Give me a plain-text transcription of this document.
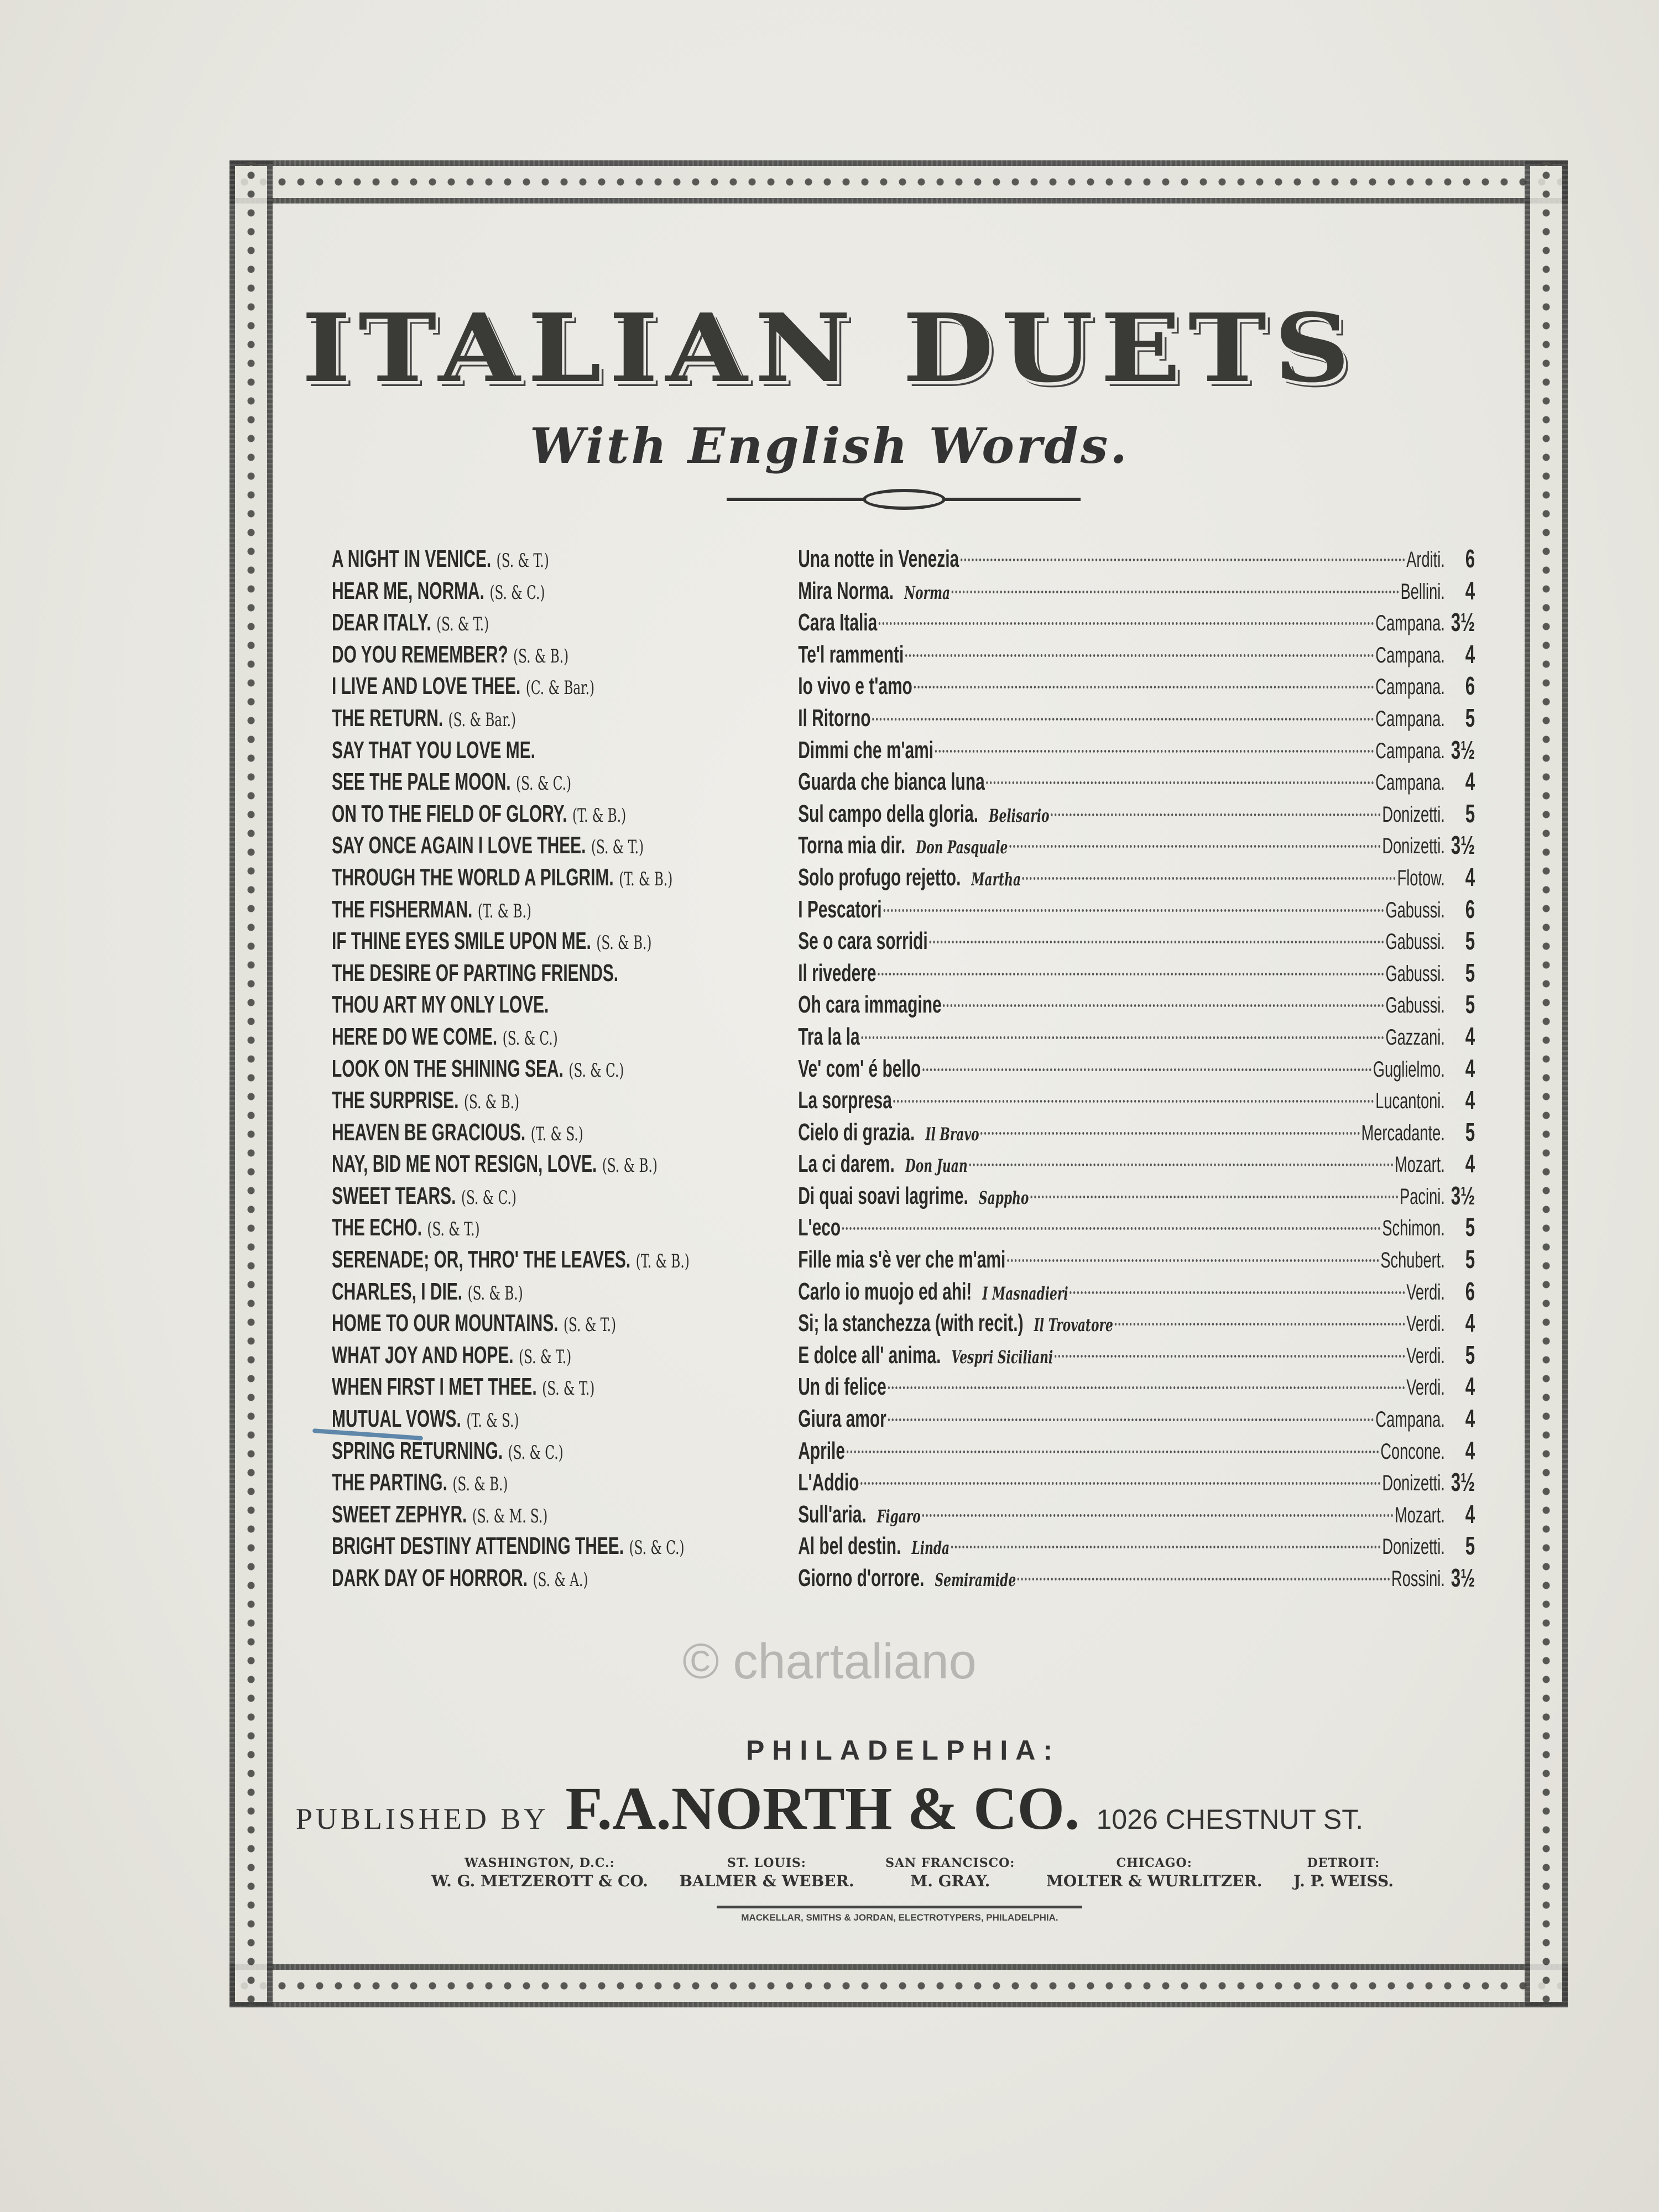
ITALIAN DUETS
With English Words.
A NIGHT IN VENICE. (S. & T.)	Una notte in Venezia	Arditi. 6
HEAR ME, NORMA. (S. & C.)	Mira Norma. Norma	Bellini. 4
DEAR ITALY. (S. & T.)	Cara Italia	Campana. 3½
DO YOU REMEMBER? (S. & B.)	Te'l rammenti	Campana. 4
I LIVE AND LOVE THEE. (C. & Bar.)	Io vivo e t'amo	Campana. 6
THE RETURN. (S. & Bar.)	Il Ritorno	Campana. 5
SAY THAT YOU LOVE ME.	Dimmi che m'ami	Campana. 3½
SEE THE PALE MOON. (S. & C.)	Guarda che bianca luna	Campana. 4
ON TO THE FIELD OF GLORY. (T. & B.)	Sul campo della gloria. Belisario	Donizetti. 5
SAY ONCE AGAIN I LOVE THEE. (S. & T.)	Torna mia dir. Don Pasquale	Donizetti. 3½
THROUGH THE WORLD A PILGRIM. (T. & B.)	Solo profugo rejetto. Martha	Flotow. 4
THE FISHERMAN. (T. & B.)	I Pescatori	Gabussi. 6
IF THINE EYES SMILE UPON ME. (S. & B.)	Se o cara sorridi	Gabussi. 5
THE DESIRE OF PARTING FRIENDS.	Il rivedere	Gabussi. 5
THOU ART MY ONLY LOVE.	Oh cara immagine	Gabussi. 5
HERE DO WE COME. (S. & C.)	Tra la la	Gazzani. 4
LOOK ON THE SHINING SEA. (S. & C.)	Ve' com' é bello	Guglielmo. 4
THE SURPRISE. (S. & B.)	La sorpresa	Lucantoni. 4
HEAVEN BE GRACIOUS. (T. & S.)	Cielo di grazia. Il Bravo	Mercadante. 5
NAY, BID ME NOT RESIGN, LOVE. (S. & B.)	La ci darem. Don Juan	Mozart. 4
SWEET TEARS. (S. & C.)	Di quai soavi lagrime. Sappho	Pacini. 3½
THE ECHO. (S. & T.)	L'eco	Schimon. 5
SERENADE; OR, THRO' THE LEAVES. (T. & B.)	Fille mia s'è ver che m'ami	Schubert. 5
CHARLES, I DIE. (S. & B.)	Carlo io muojo ed ahi! I Masnadieri	Verdi. 6
HOME TO OUR MOUNTAINS. (S. & T.)	Si; la stanchezza (with recit.) Il Trovatore	Verdi. 4
WHAT JOY AND HOPE. (S. & T.)	E dolce all' anima. Vespri Siciliani	Verdi. 5
WHEN FIRST I MET THEE. (S. & T.)	Un di felice	Verdi. 4
MUTUAL VOWS. (T. & S.)	Giura amor	Campana. 4
SPRING RETURNING. (S. & C.)	Aprile	Concone. 4
THE PARTING. (S. & B.)	L'Addio	Donizetti. 3½
SWEET ZEPHYR. (S. & M. S.)	Sull'aria. Figaro	Mozart. 4
BRIGHT DESTINY ATTENDING THEE. (S. & C.)	Al bel destin. Linda	Donizetti. 5
DARK DAY OF HORROR. (S. & A.)	Giorno d'orrore. Semiramide	Rossini. 3½
© chartaliano
PHILADELPHIA:
PUBLISHED BY F.A.NORTH & CO. 1026 CHESTNUT ST.
WASHINGTON, D.C.:
W. G. METZEROTT & CO.
ST. LOUIS:
BALMER & WEBER.
SAN FRANCISCO:
M. GRAY.
CHICAGO:
MOLTER & WURLITZER.
DETROIT:
J. P. WEISS.
MACKELLAR, SMITHS & JORDAN, ELECTROTYPERS, PHILADELPHIA.
